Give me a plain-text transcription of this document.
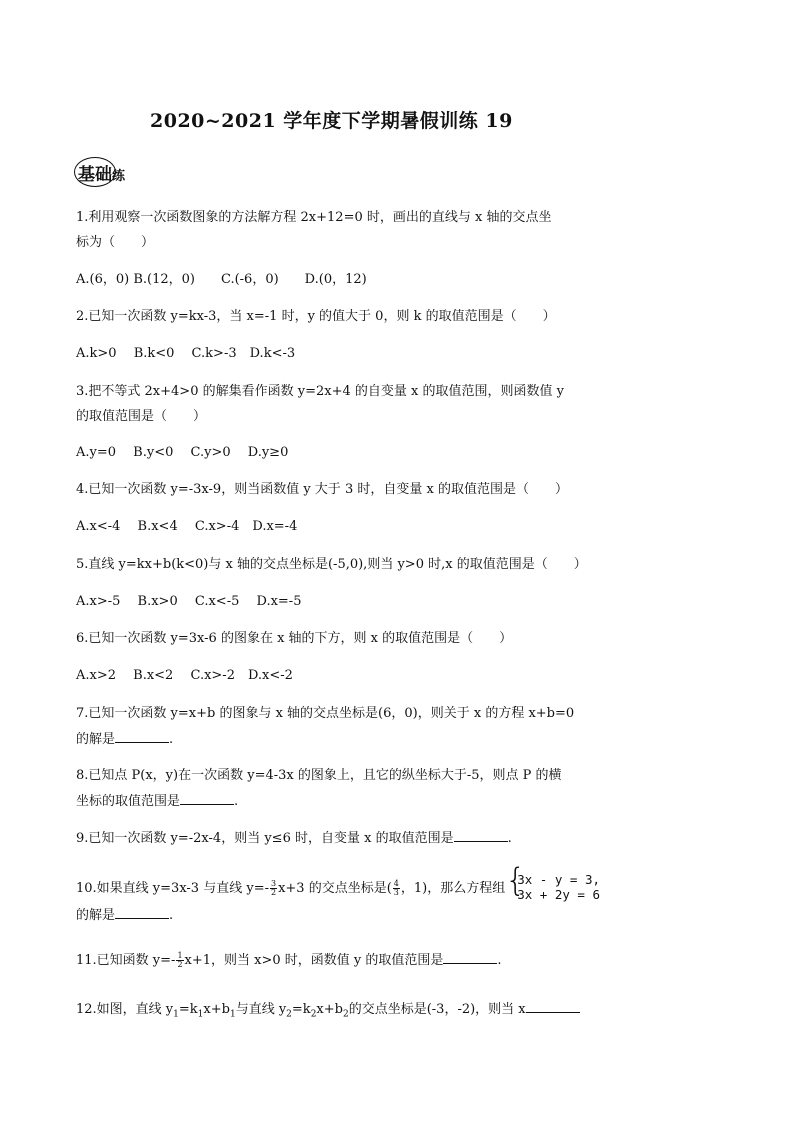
2020~2021 学年度下学期暑假训练 19
基础 练
1.利用观察一次函数图象的方法解方程 2x+12=0 时，画出的直线与 x 轴的交点坐
标为（　　）
A.(6，0) B.(12，0)　　C.(-6，0)　　D.(0，12)
2.已知一次函数 y=kx-3，当 x=-1 时，y 的值大于 0，则 k 的取值范围是（　　）
A.k>0　 B.k<0　 C.k>-3　D.k<-3
3.把不等式 2x+4>0 的解集看作函数 y=2x+4 的自变量 x 的取值范围，则函数值 y
的取值范围是（　　）
A.y=0　 B.y<0　 C.y>0　 D.y≥0
4.已知一次函数 y=-3x-9，则当函数值 y 大于 3 时，自变量 x 的取值范围是（　　）
A.x<-4　 B.x<4　 C.x>-4　D.x=-4
5.直线 y=kx+b(k<0)与 x 轴的交点坐标是(-5,0),则当 y>0 时,x 的取值范围是（　　）
A.x>-5　 B.x>0　 C.x<-5　 D.x=-5
6.已知一次函数 y=3x-6 的图象在 x 轴的下方，则 x 的取值范围是（　　）
A.x>2　 B.x<2　 C.x>-2　D.x<-2
7.已知一次函数 y=x+b 的图象与 x 轴的交点坐标是(6，0)，则关于 x 的方程 x+b=0
的解是	.
8.已知点 P(x，y)在一次函数 y=4-3x 的图象上，且它的纵坐标大于-5，则点 P 的横
坐标的取值范围是	.
9.已知一次函数 y=-2x-4，则当 y≤6 时，自变量 x 的取值范围是	.
10.如果直线 y=3x-3 与直线 $y=- \frac{3}{2} x+3$ 的交点坐标是( $\frac{4}{3}$ ，1)，那么方程组 {
3x - y = 3,
3x + 2y = 6
的解是	.
11.已知函数 $y=- \frac{1}{2} x+1$，则当 x>0 时，函数值 y 的取值范围是	.
12.如图，直线 $y_1=k_1x+b_1$与直线 $y_2=k_2x+b_2$的交点坐标是(-3，-2)，则当 x
